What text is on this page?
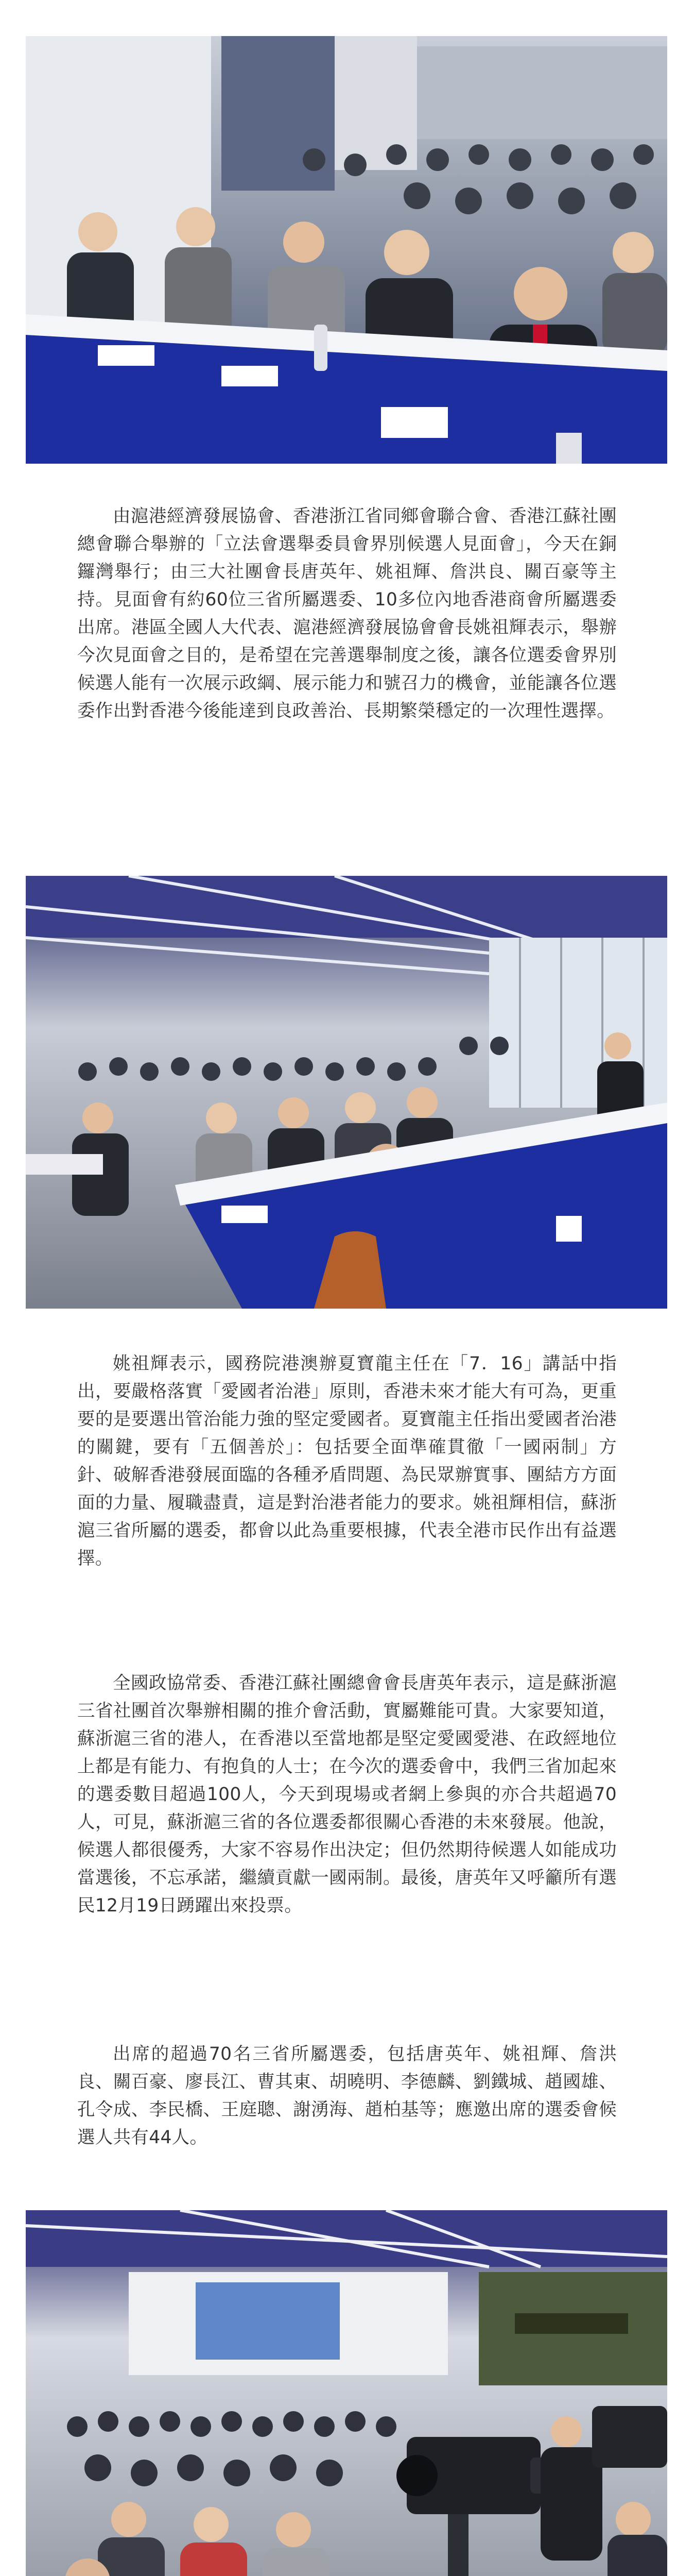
由滬港經濟發展協會、香港浙江省同鄉會聯合會、香港江蘇社團總會聯合舉辦的「立法會選舉委員會界別候選人見面會」，今天在銅鑼灣舉行；由三大社團會長唐英年、姚祖輝、詹洪良、關百豪等主持。見面會有約60位三省所屬選委、10多位內地香港商會所屬選委出席。港區全國人大代表、滬港經濟發展協會會長姚祖輝表示，舉辦今次見面會之目的，是希望在完善選舉制度之後，讓各位選委會界別候選人能有一次展示政綱、展示能力和號召力的機會，並能讓各位選委作出對香港今後能達到良政善治、長期繁榮穩定的一次理性選擇。

姚祖輝表示，國務院港澳辦夏寶龍主任在「7．16」講話中指出，要嚴格落實「愛國者治港」原則，香港未來才能大有可為，更重要的是要選出管治能力強的堅定愛國者。夏寶龍主任指出愛國者治港的關鍵，要有「五個善於」：包括要全面準確貫徹「一國兩制」方針、破解香港發展面臨的各種矛盾問題、為民眾辦實事、團結方方面面的力量、履職盡責，這是對治港者能力的要求。姚祖輝相信，蘇浙滬三省所屬的選委，都會以此為重要根據，代表全港市民作出有益選擇。

全國政協常委、香港江蘇社團總會會長唐英年表示，這是蘇浙滬三省社團首次舉辦相關的推介會活動，實屬難能可貴。大家要知道，蘇浙滬三省的港人，在香港以至當地都是堅定愛國愛港、在政經地位上都是有能力、有抱負的人士；在今次的選委會中，我們三省加起來的選委數目超過100人，今天到現場或者網上參與的亦合共超過70人，可見，蘇浙滬三省的各位選委都很關心香港的未來發展。他說，候選人都很優秀，大家不容易作出決定；但仍然期待候選人如能成功當選後，不忘承諾，繼續貢獻一國兩制。最後，唐英年又呼籲所有選民12月19日踴躍出來投票。

出席的超過70名三省所屬選委，包括唐英年、姚祖輝、詹洪良、關百豪、廖長江、曹其東、胡曉明、李德麟、劉鐵城、趙國雄、孔令成、李民橋、王庭聰、謝湧海、趙柏基等；應邀出席的選委會候選人共有44人。
